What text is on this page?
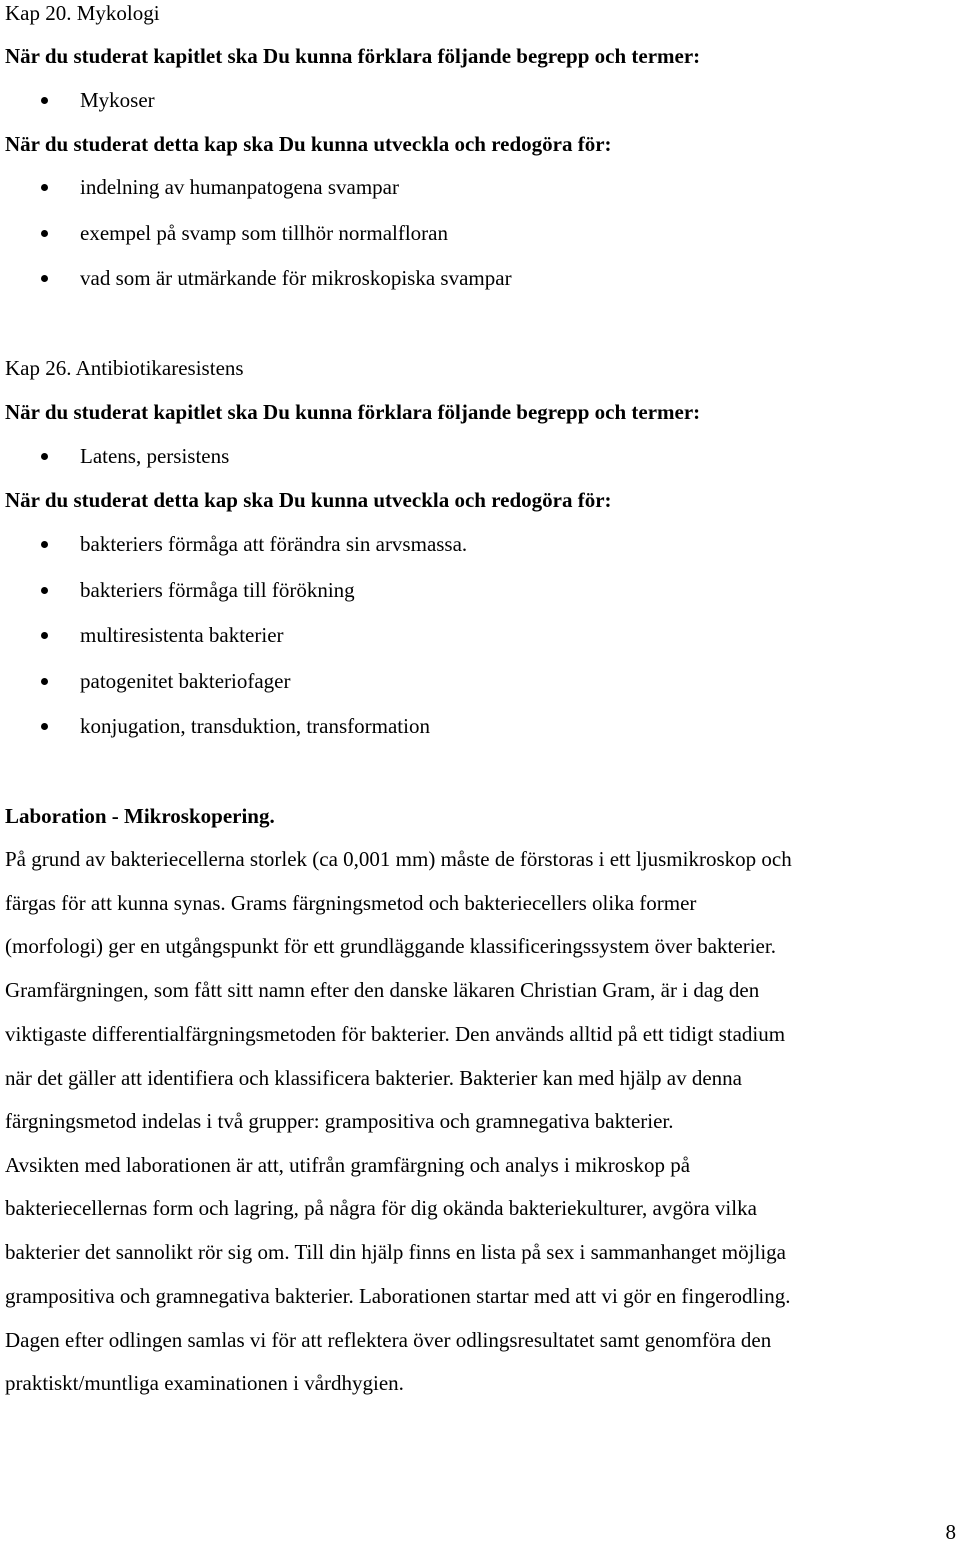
Kap 20. Mykologi
När du studerat kapitlet ska Du kunna förklara följande begrepp och termer:
Mykoser
När du studerat detta kap ska Du kunna utveckla och redogöra för:
indelning av humanpatogena svampar
exempel på svamp som tillhör normalfloran
vad som är utmärkande för mikroskopiska svampar
Kap 26. Antibiotikaresistens
När du studerat kapitlet ska Du kunna förklara följande begrepp och termer:
Latens, persistens
När du studerat detta kap ska Du kunna utveckla och redogöra för:
bakteriers förmåga att förändra sin arvsmassa.
bakteriers förmåga till förökning
multiresistenta bakterier
patogenitet bakteriofager
konjugation, transduktion, transformation
Laboration - Mikroskopering.
På grund av bakteriecellerna storlek (ca 0,001 mm) måste de förstoras i ett ljusmikroskop och
färgas för att kunna synas. Grams färgningsmetod och bakteriecellers olika former
(morfologi) ger en utgångspunkt för ett grundläggande klassificeringssystem över bakterier.
Gramfärgningen, som fått sitt namn efter den danske läkaren Christian Gram, är i dag den
viktigaste differentialfärgningsmetoden för bakterier. Den används alltid på ett tidigt stadium
när det gäller att identifiera och klassificera bakterier. Bakterier kan med hjälp av denna
färgningsmetod indelas i två grupper: grampositiva och gramnegativa bakterier.
Avsikten med laborationen är att, utifrån gramfärgning och analys i mikroskop på
bakteriecellernas form och lagring, på några för dig okända bakteriekulturer, avgöra vilka
bakterier det sannolikt rör sig om. Till din hjälp finns en lista på sex i sammanhanget möjliga
grampositiva och gramnegativa bakterier. Laborationen startar med att vi gör en fingerodling.
Dagen efter odlingen samlas vi för att reflektera över odlingsresultatet samt genomföra den
praktiskt/muntliga examinationen i vårdhygien.
8
